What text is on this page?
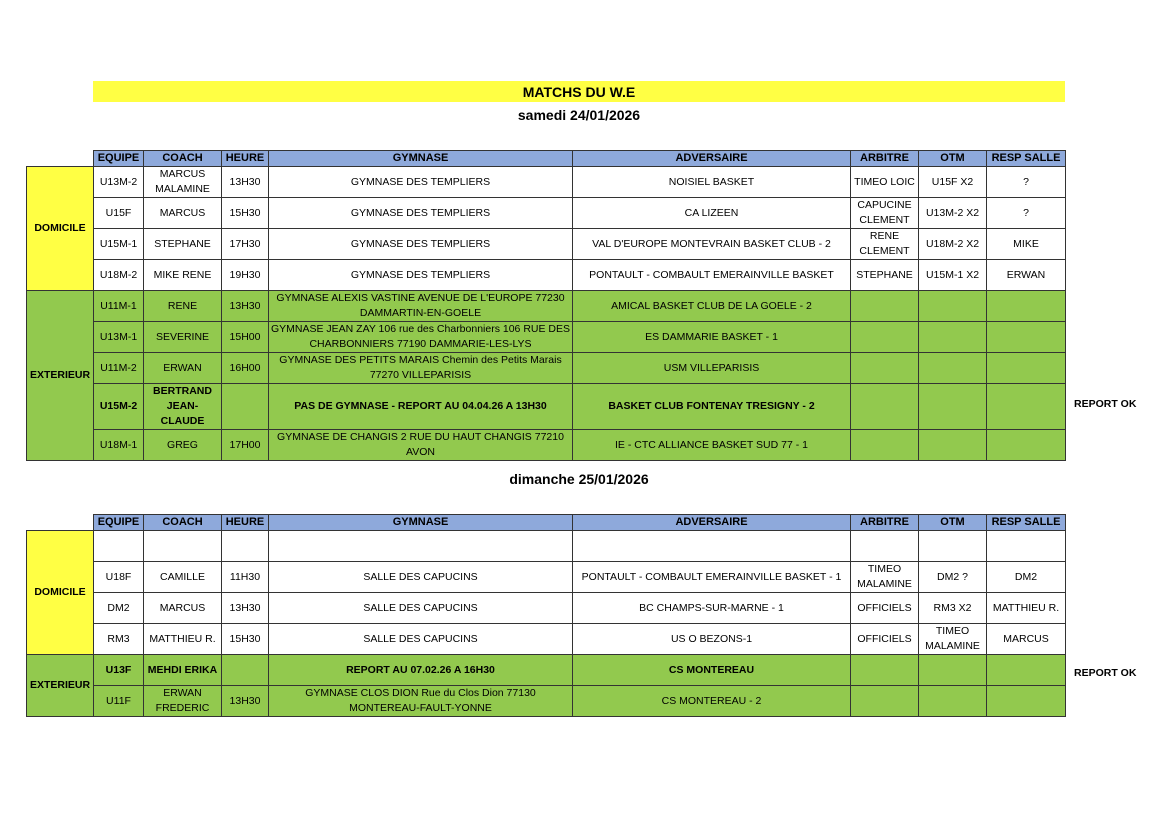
MATCHS DU W.E
samedi 24/01/2026
	EQUIPE	COACH	HEURE	GYMNASE	ADVERSAIRE	ARBITRE	OTM	RESP SALLE
DOMICILE	U13M-2	MARCUS MALAMINE	13H30	GYMNASE DES TEMPLIERS	NOISIEL BASKET	TIMEO LOIC	U15F X2	?
	U15F	MARCUS	15H30	GYMNASE DES TEMPLIERS	CA LIZEEN	CAPUCINE CLEMENT	U13M-2 X2	?
	U15M-1	STEPHANE	17H30	GYMNASE DES TEMPLIERS	VAL D'EUROPE MONTEVRAIN BASKET CLUB - 2	RENE CLEMENT	U18M-2 X2	MIKE
	U18M-2	MIKE RENE	19H30	GYMNASE DES TEMPLIERS	PONTAULT - COMBAULT EMERAINVILLE BASKET	STEPHANE	U15M-1 X2	ERWAN
EXTERIEUR	U11M-1	RENE	13H30	GYMNASE ALEXIS VASTINE AVENUE DE L'EUROPE 77230 DAMMARTIN-EN-GOELE	AMICAL BASKET CLUB DE LA GOELE - 2			
	U13M-1	SEVERINE	15H00	GYMNASE JEAN ZAY 106 rue des Charbonniers 106 RUE DES CHARBONNIERS 77190 DAMMARIE-LES-LYS	ES DAMMARIE BASKET - 1			
	U11M-2	ERWAN	16H00	GYMNASE DES PETITS MARAIS Chemin des Petits Marais 77270 VILLEPARISIS	USM VILLEPARISIS			
	U15M-2	BERTRAND JEAN-CLAUDE		PAS DE GYMNASE - REPORT AU 04.04.26 A 13H30	BASKET CLUB FONTENAY TRESIGNY - 2			
	U18M-1	GREG	17H00	GYMNASE DE CHANGIS 2 RUE DU HAUT CHANGIS 77210 AVON	IE - CTC ALLIANCE BASKET SUD 77 - 1			
REPORT OK
dimanche 25/01/2026
	EQUIPE	COACH	HEURE	GYMNASE	ADVERSAIRE	ARBITRE	OTM	RESP SALLE
DOMICILE								
	U18F	CAMILLE	11H30	SALLE DES CAPUCINS	PONTAULT - COMBAULT EMERAINVILLE BASKET - 1	TIMEO MALAMINE	DM2 ?	DM2
	DM2	MARCUS	13H30	SALLE DES CAPUCINS	BC CHAMPS-SUR-MARNE - 1	OFFICIELS	RM3 X2	MATTHIEU R.
	RM3	MATTHIEU R.	15H30	SALLE DES CAPUCINS	US O BEZONS-1	OFFICIELS	TIMEO MALAMINE	MARCUS
EXTERIEUR	U13F	MEHDI ERIKA		REPORT AU 07.02.26 A 16H30	CS MONTEREAU			
	U11F	ERWAN FREDERIC	13H30	GYMNASE CLOS DION Rue du Clos Dion 77130 MONTEREAU-FAULT-YONNE	CS MONTEREAU - 2			
REPORT OK
